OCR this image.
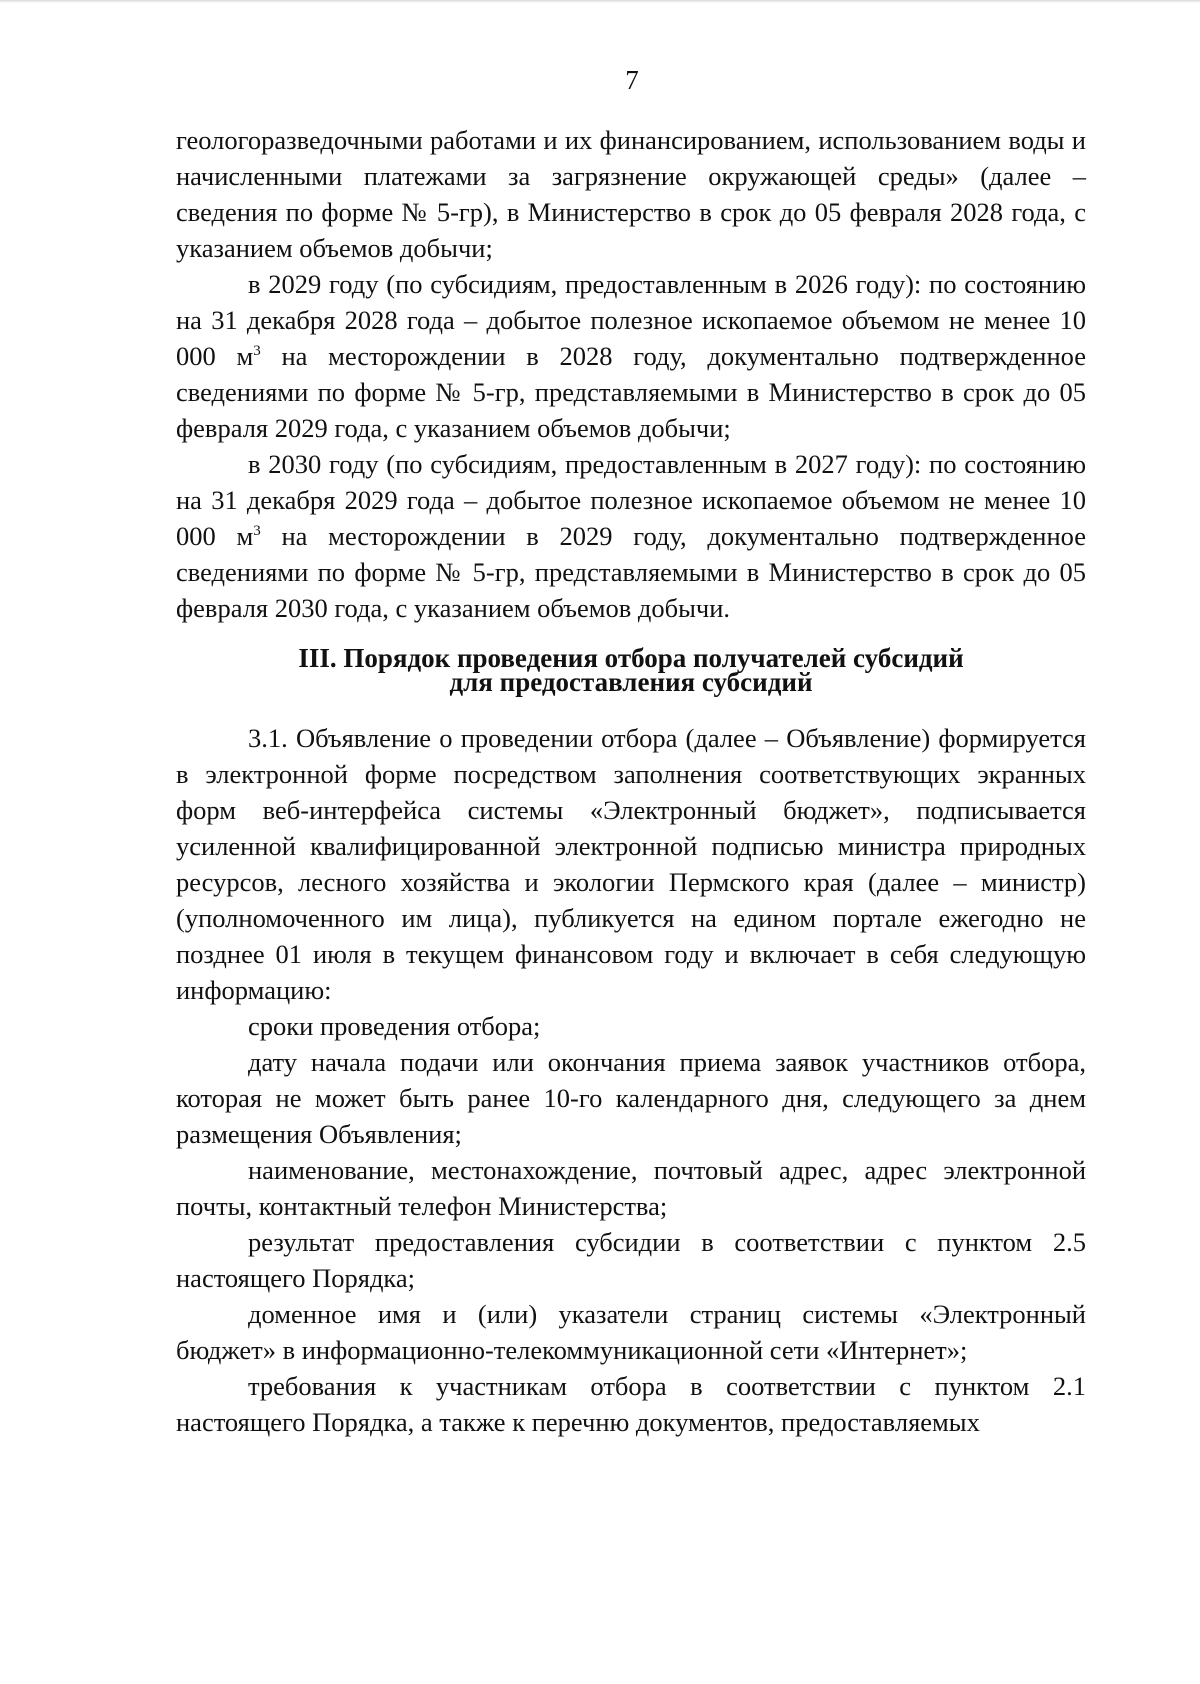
7

геологоразведочными работами и их финансированием, использованием воды и начисленными платежами за загрязнение окружающей среды» (далее – сведения по форме № 5-гр), в Министерство в срок до 05 февраля 2028 года, с указанием объемов добычи;

в 2029 году (по субсидиям, предоставленным в 2026 году): по состоянию на 31 декабря 2028 года – добытое полезное ископаемое объемом не менее 10 000 $м^3$ на месторождении в 2028 году, документально подтвержденное сведениями по форме № 5-гр, представляемыми в Министерство в срок до 05 февраля 2029 года, с указанием объемов добычи;

в 2030 году (по субсидиям, предоставленным в 2027 году): по состоянию на 31 декабря 2029 года – добытое полезное ископаемое объемом не менее 10 000 $м^3$ на месторождении в 2029 году, документально подтвержденное сведениями по форме № 5-гр, представляемыми в Министерство в срок до 05 февраля 2030 года, с указанием объемов добычи.

III. Порядок проведения отбора получателей субсидий
для предоставления субсидий

3.1. Объявление о проведении отбора (далее – Объявление) формируется в электронной форме посредством заполнения соответствующих экранных форм веб-интерфейса системы «Электронный бюджет», подписывается усиленной квалифицированной электронной подписью министра природных ресурсов, лесного хозяйства и экологии Пермского края (далее – министр) (уполномоченного им лица), публикуется на едином портале ежегодно не позднее 01 июля в текущем финансовом году и включает в себя следующую информацию:

сроки проведения отбора;

дату начала подачи или окончания приема заявок участников отбора, которая не может быть ранее 10-го календарного дня, следующего за днем размещения Объявления;

наименование, местонахождение, почтовый адрес, адрес электронной почты, контактный телефон Министерства;

результат предоставления субсидии в соответствии с пунктом 2.5 настоящего Порядка;

доменное имя и (или) указатели страниц системы «Электронный бюджет» в информационно-телекоммуникационной сети «Интернет»;

требования к участникам отбора в соответствии с пунктом 2.1 настоящего Порядка, а также к перечню документов, предоставляемых
